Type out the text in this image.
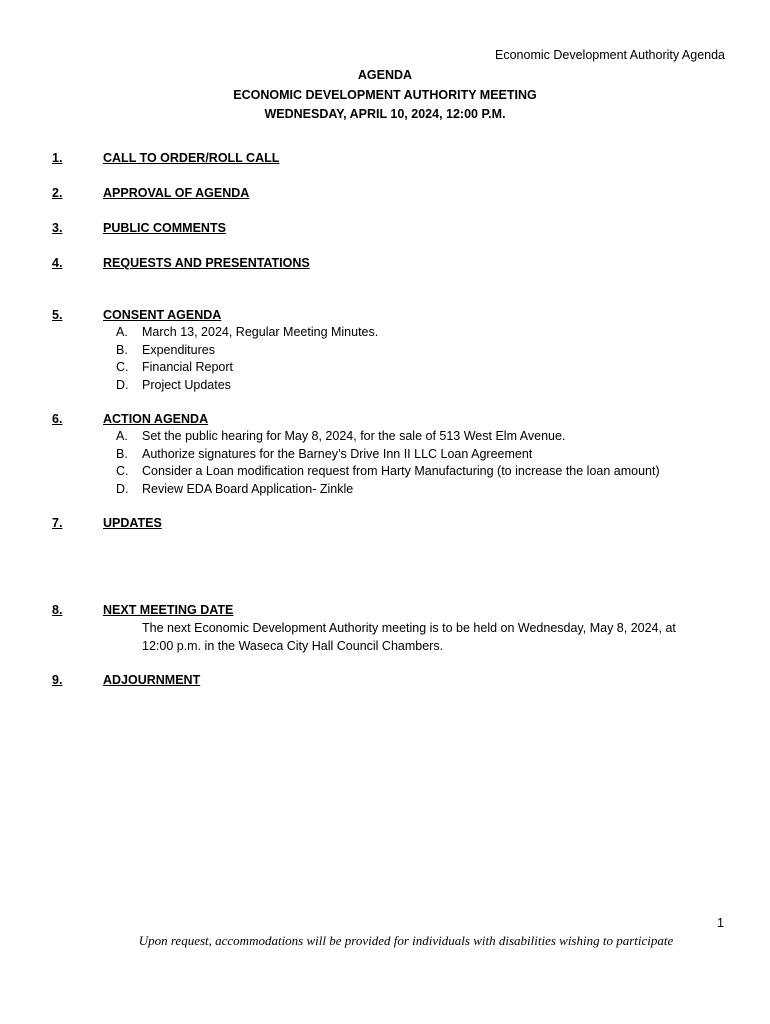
Economic Development Authority Agenda
AGENDA
ECONOMIC DEVELOPMENT AUTHORITY MEETING
WEDNESDAY, APRIL 10, 2024, 12:00 P.M.
1.	CALL TO ORDER/ROLL CALL
2.	APPROVAL OF AGENDA
3.	PUBLIC COMMENTS
4.	REQUESTS AND PRESENTATIONS
5.	CONSENT AGENDA
A. March 13, 2024, Regular Meeting Minutes.
B. Expenditures
C. Financial Report
D. Project Updates
6.	ACTION AGENDA
A. Set the public hearing for May 8, 2024, for the sale of 513 West Elm Avenue.
B. Authorize signatures for the Barney’s Drive Inn II LLC Loan Agreement
C. Consider a Loan modification request from Harty Manufacturing (to increase the loan amount)
D. Review EDA Board Application- Zinkle
7.	UPDATES
8.	NEXT MEETING DATE
The next Economic Development Authority meeting is to be held on Wednesday, May 8, 2024, at 12:00 p.m. in the Waseca City Hall Council Chambers.
9.	ADJOURNMENT
1
Upon request, accommodations will be provided for individuals with disabilities wishing to participate
